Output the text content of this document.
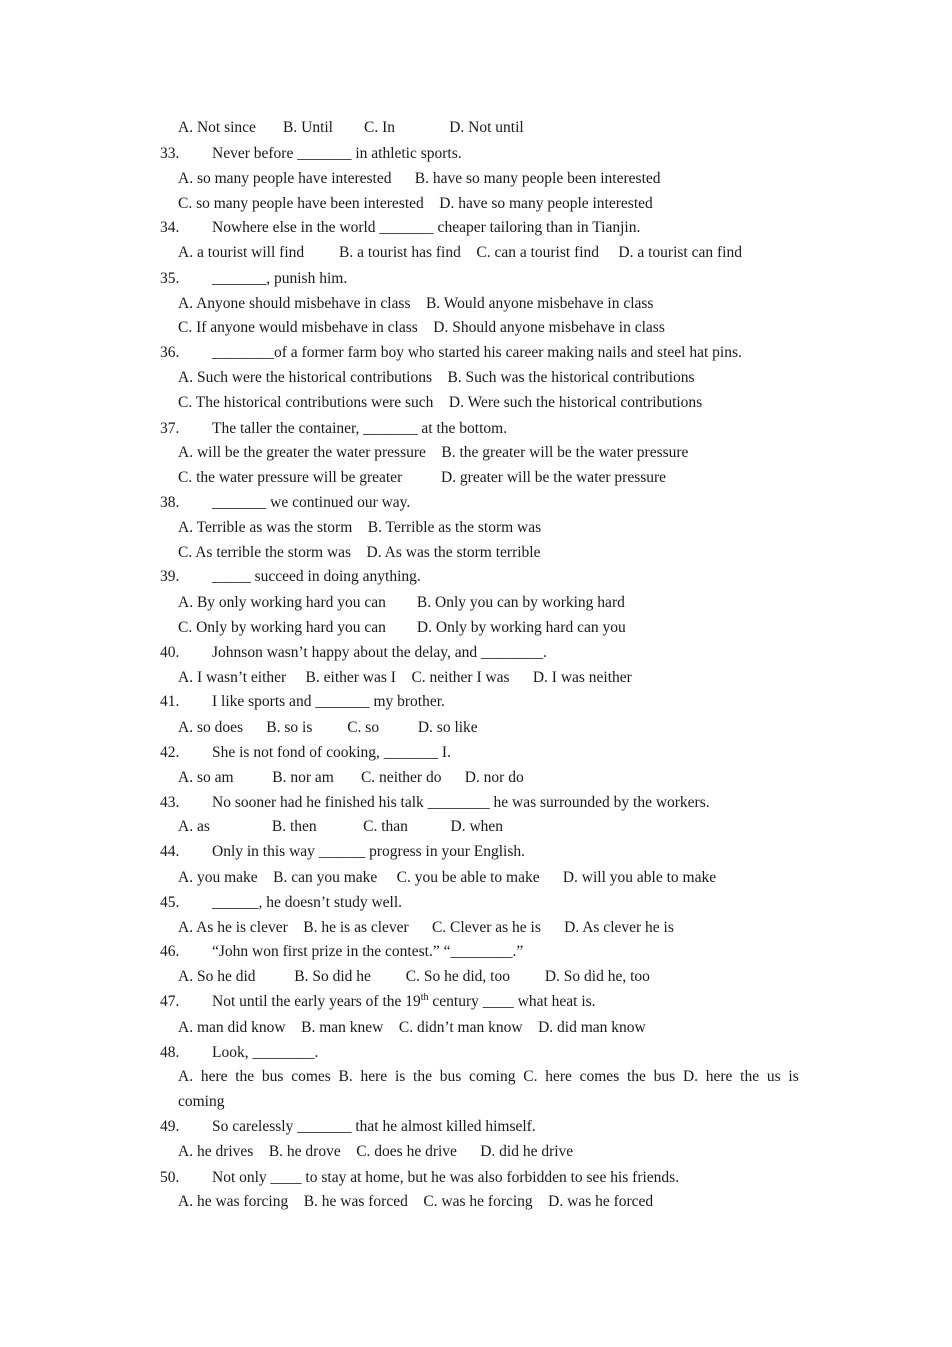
A. Not since       B. Until        C. In              D. Not until
33. Never before _______ in athletic sports.
A. so many people have interested      B. have so many people been interested
C. so many people have been interested    D. have so many people interested
34. Nowhere else in the world _______ cheaper tailoring than in Tianjin.
A. a tourist will find         B. a tourist has find    C. can a tourist find     D. a tourist can find
35. _______, punish him.
A. Anyone should misbehave in class    B. Would anyone misbehave in class
C. If anyone would misbehave in class    D. Should anyone misbehave in class
36. ________of a former farm boy who started his career making nails and steel hat pins.
A. Such were the historical contributions    B. Such was the historical contributions
C. The historical contributions were such    D. Were such the historical contributions
37. The taller the container, _______ at the bottom.
A. will be the greater the water pressure    B. the greater will be the water pressure
C. the water pressure will be greater          D. greater will be the water pressure
38. _______ we continued our way.
A. Terrible as was the storm    B. Terrible as the storm was
C. As terrible the storm was    D. As was the storm terrible
39. _____ succeed in doing anything.
A. By only working hard you can        B. Only you can by working hard
C. Only by working hard you can        D. Only by working hard can you
40. Johnson wasn’t happy about the delay, and ________.
A. I wasn’t either     B. either was I    C. neither I was      D. I was neither
41. I like sports and _______ my brother.
A. so does      B. so is         C. so          D. so like
42. She is not fond of cooking, _______ I.
A. so am          B. nor am       C. neither do      D. nor do
43. No sooner had he finished his talk ________ he was surrounded by the workers.
A. as                B. then            C. than           D. when
44. Only in this way ______ progress in your English.
A. you make    B. can you make     C. you be able to make      D. will you able to make
45. ______, he doesn’t study well.
A. As he is clever    B. he is as clever      C. Clever as he is      D. As clever he is
46. “John won first prize in the contest.” “________.”
A. So he did          B. So did he         C. So he did, too         D. So did he, too
47. Not until the early years of the 19th century ____ what heat is.
A. man did know    B. man knew    C. didn’t man know    D. did man know
48. Look, ________.
A.  here  the  bus  comes  B.  here  is  the  bus  coming  C.  here  comes  the  bus  D.  here  the  us  is
coming
49. So carelessly _______ that he almost killed himself.
A. he drives    B. he drove    C. does he drive      D. did he drive
50. Not only ____ to stay at home, but he was also forbidden to see his friends.
A. he was forcing    B. he was forced    C. was he forcing    D. was he forced
